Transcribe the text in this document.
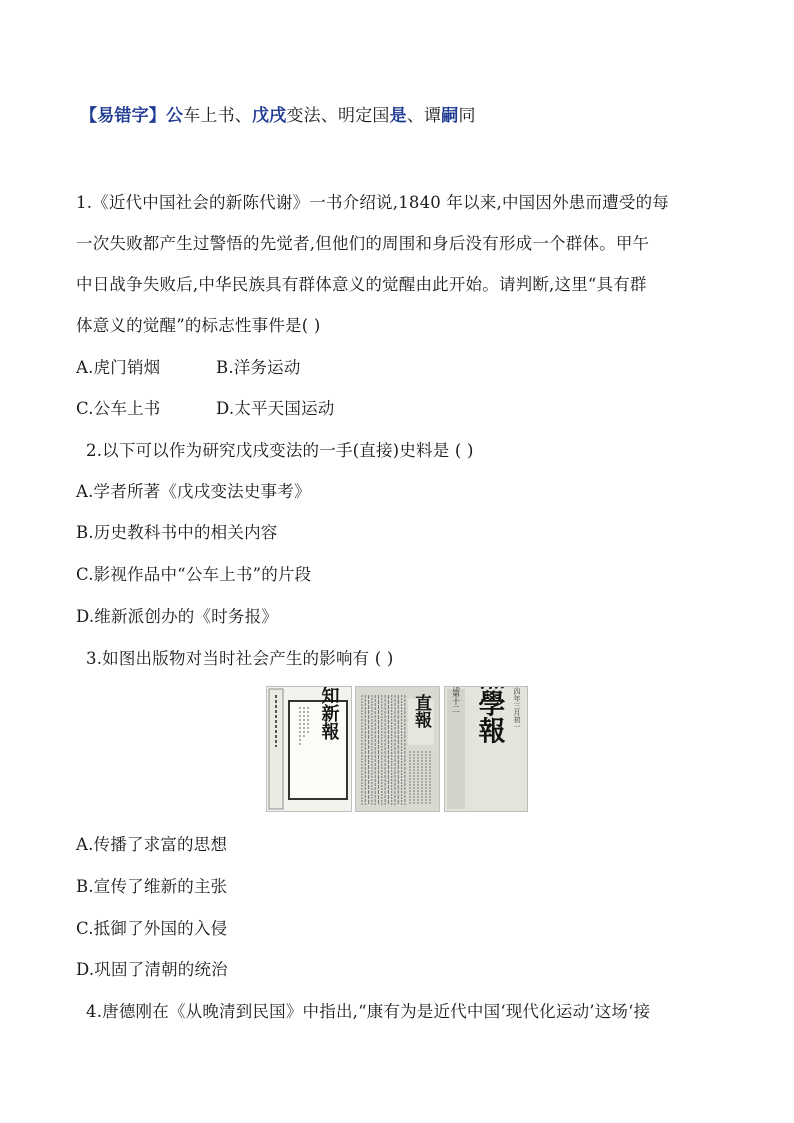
【易错字】公车上书、戊戌变法、明定国是、谭嗣同
1.《近代中国社会的新陈代谢》一书介绍说,1840 年以来,中国因外患而遭受的每
一次失败都产生过警悟的先觉者,但他们的周围和身后没有形成一个群体。甲午
中日战争失败后,中华民族具有群体意义的觉醒由此开始。请判断,这里“具有群
体意义的觉醒”的标志性事件是( )
A.虎门销烟	B.洋务运动
C.公车上书	D.太平天国运动
2.以下可以作为研究戊戌变法的一手(直接)史料是 ( )
A.学者所著《戊戌变法史事考》
B.历史教科书中的相关内容
C.影视作品中“公车上书”的片段
D.维新派创办的《时务报》
3.如图出版物对当时社会产生的影响有 ( )
知新報	直報	報第十二 湘學報 光緒二十四年三月初一
A.传播了求富的思想
B.宣传了维新的主张
C.抵御了外国的入侵
D.巩固了清朝的统治
4.唐德刚在《从晚清到民国》中指出,“康有为是近代中国‘现代化运动’这场‘接
